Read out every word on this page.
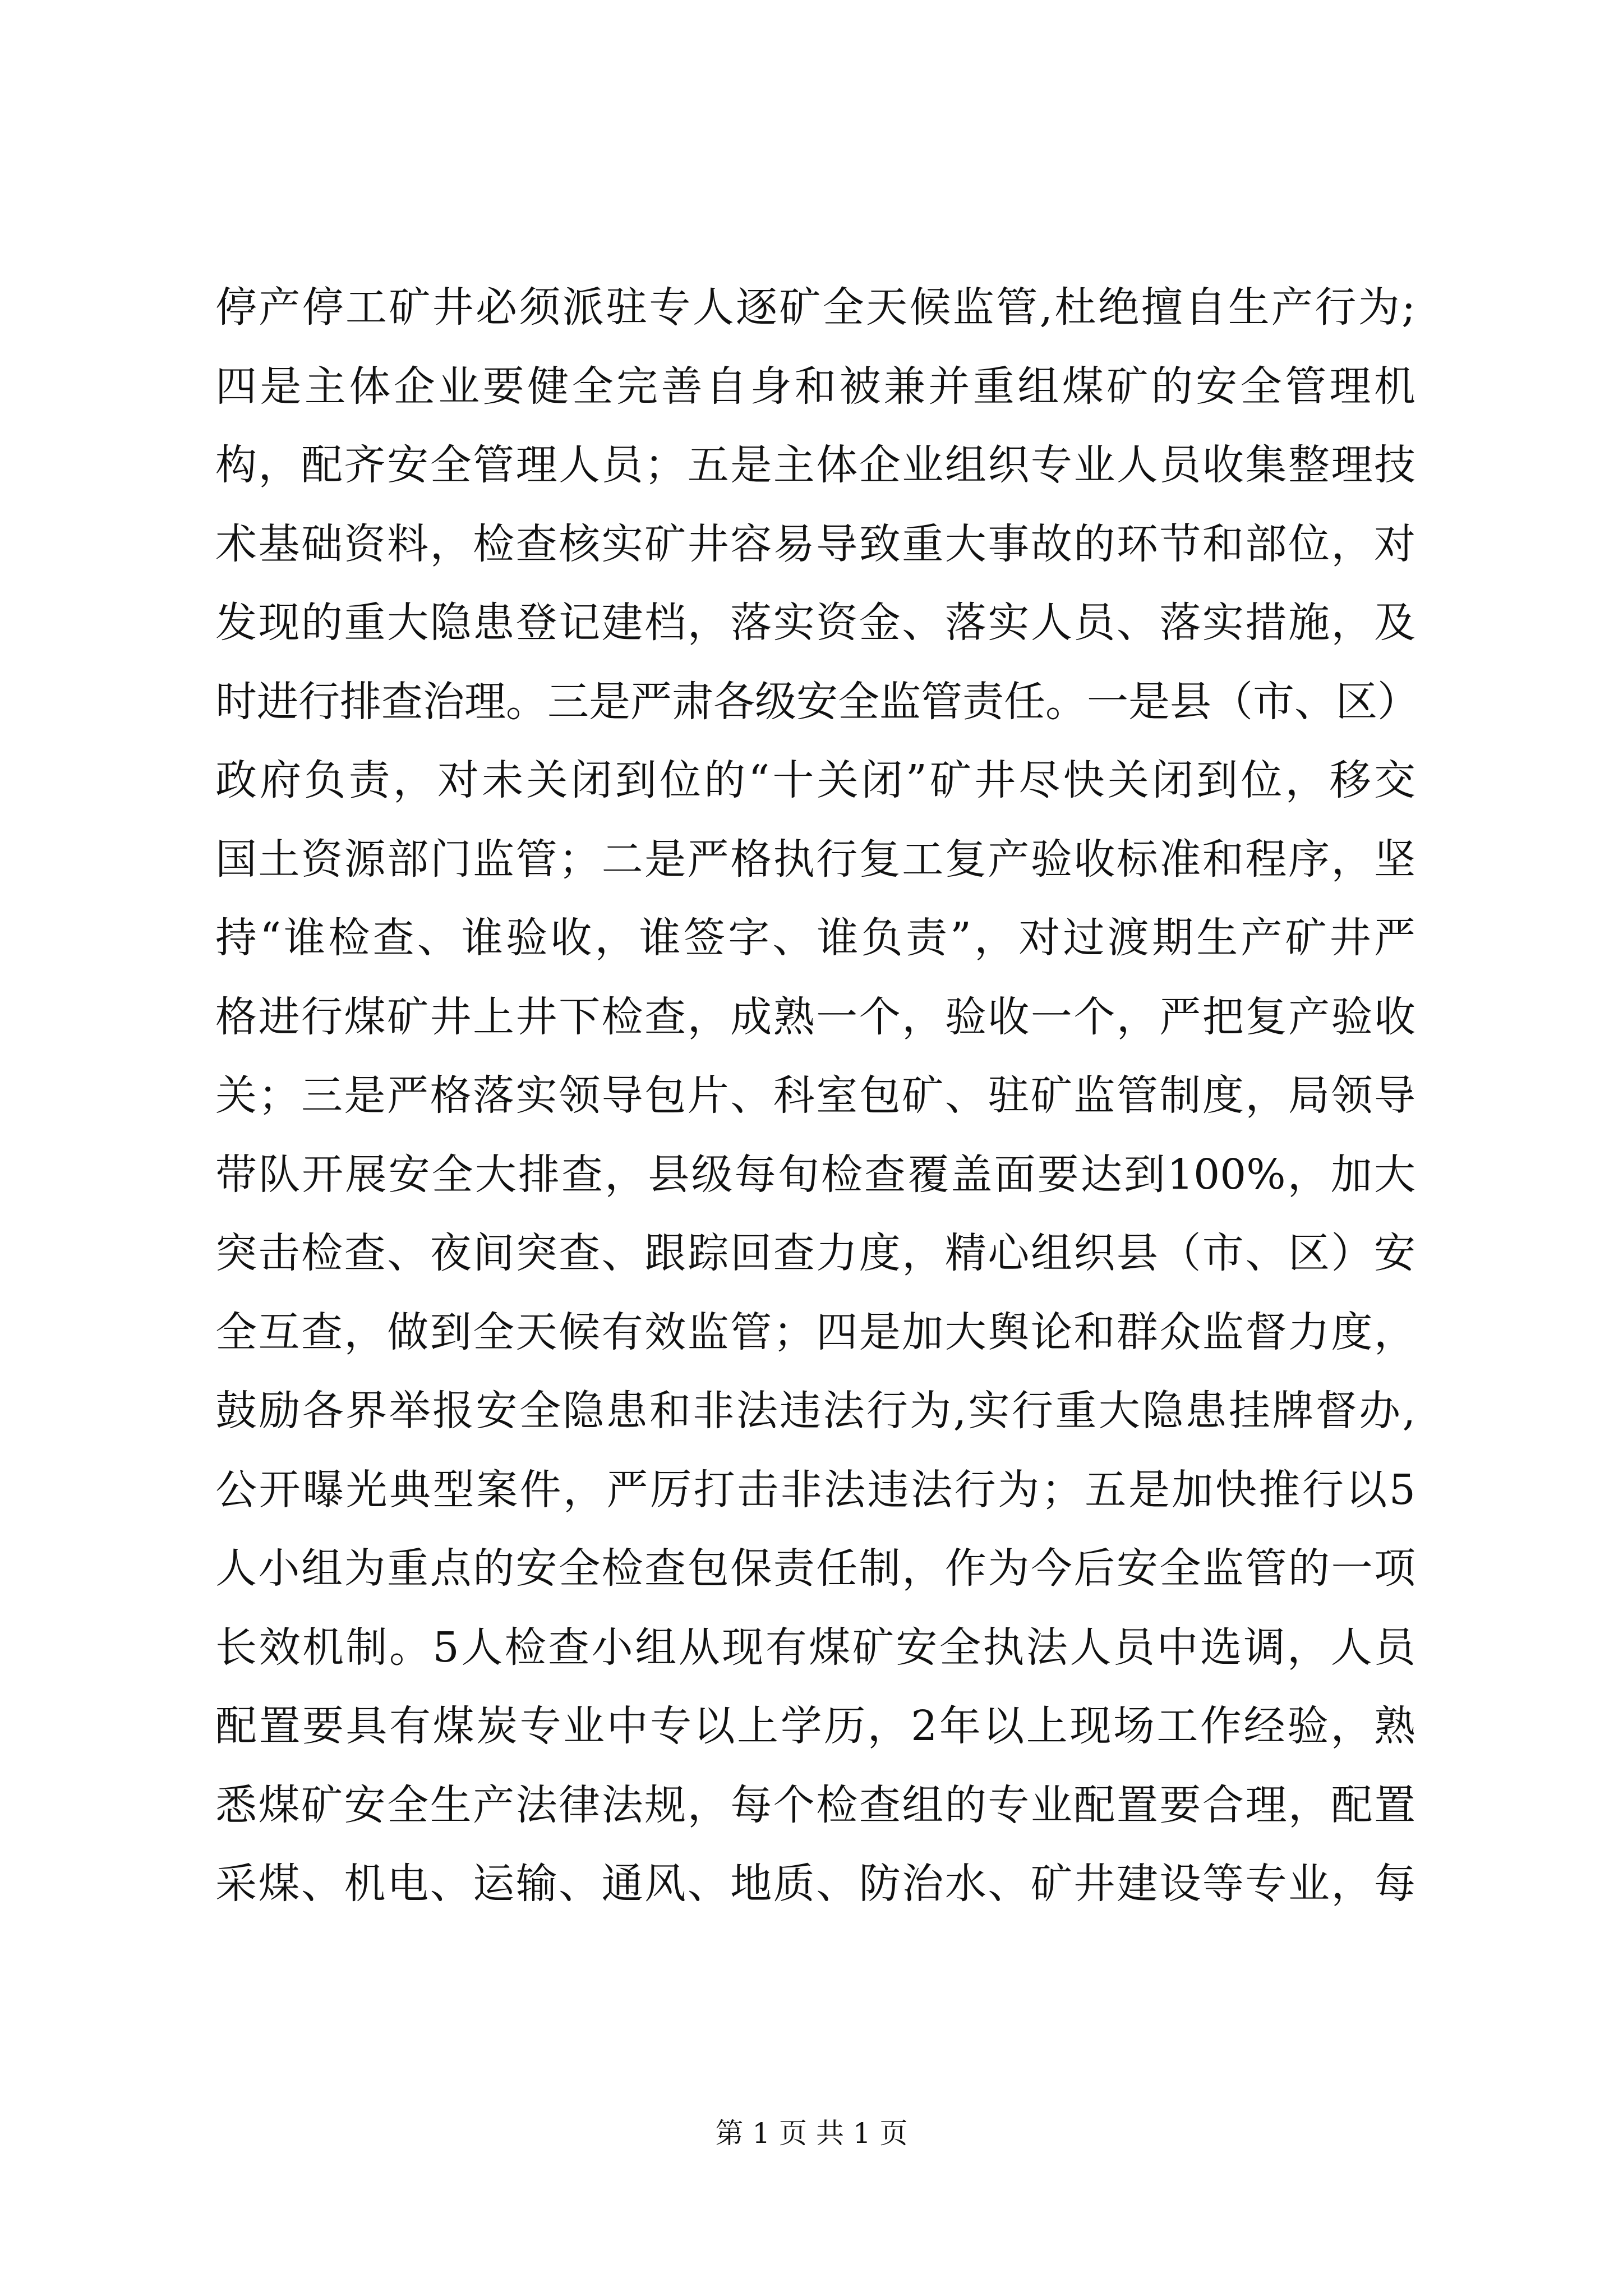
停产停工矿井必须派驻专人逐矿全天候监管,杜绝擅自生产行为;
四是主体企业要健全完善自身和被兼并重组煤矿的安全管理机
构，配齐安全管理人员；五是主体企业组织专业人员收集整理技
术基础资料，检查核实矿井容易导致重大事故的环节和部位，对
发现的重大隐患登记建档，落实资金、落实人员、落实措施，及
时进行排查治理。三是严肃各级安全监管责任。一是县（市、区）
政府负责，对未关闭到位的“十关闭”矿井尽快关闭到位，移交
国土资源部门监管；二是严格执行复工复产验收标准和程序，坚
持“谁检查、谁验收，谁签字、谁负责”，对过渡期生产矿井严
格进行煤矿井上井下检查，成熟一个，验收一个，严把复产验收
关；三是严格落实领导包片、科室包矿、驻矿监管制度，局领导
带队开展安全大排查，县级每旬检查覆盖面要达到100%，加大
突击检查、夜间突查、跟踪回查力度，精心组织县（市、区）安
全互查，做到全天候有效监管；四是加大舆论和群众监督力度，
鼓励各界举报安全隐患和非法违法行为,实行重大隐患挂牌督办,
公开曝光典型案件，严厉打击非法违法行为；五是加快推行以5
人小组为重点的安全检查包保责任制，作为今后安全监管的一项
长效机制。5人检查小组从现有煤矿安全执法人员中选调，人员
配置要具有煤炭专业中专以上学历，2年以上现场工作经验，熟
悉煤矿安全生产法律法规，每个检查组的专业配置要合理，配置
采煤、机电、运输、通风、地质、防治水、矿井建设等专业，每
第 1 页 共 1 页
